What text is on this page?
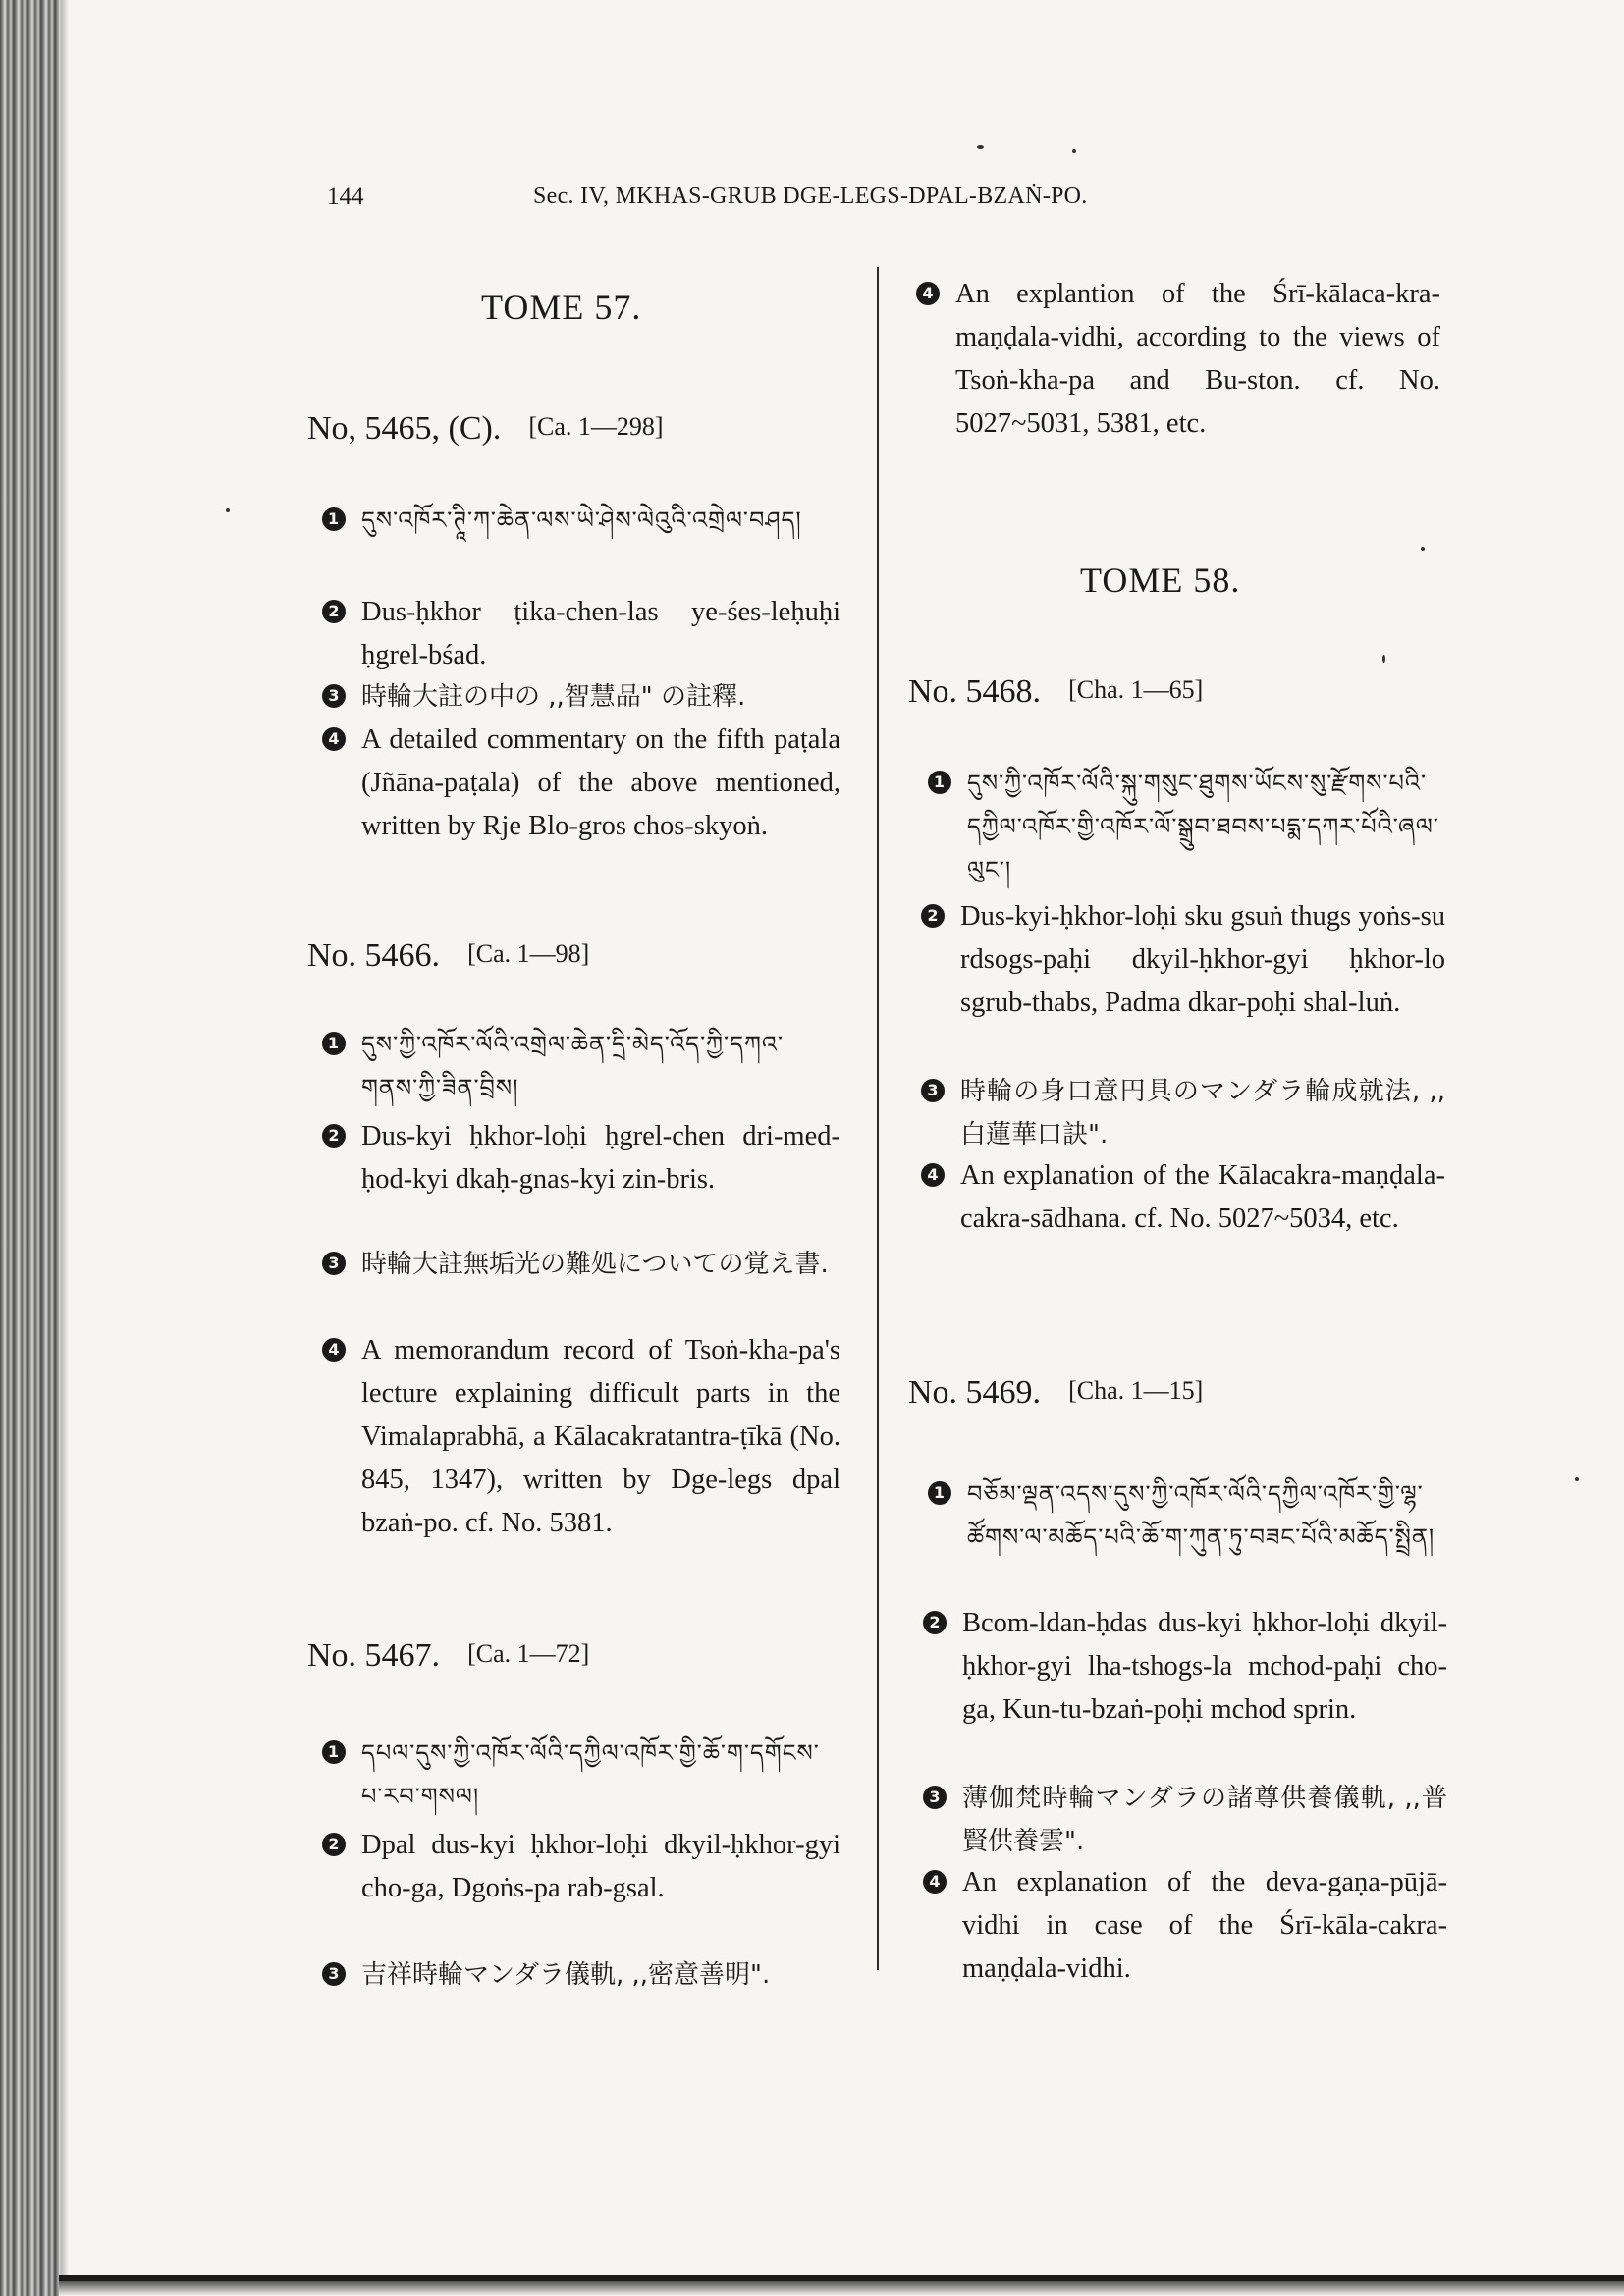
144	Sec. IV, MKHAS-GRUB DGE-LEGS-DPAL-BZAṄ-PO.
TOME 57.
No, 5465, (C). [Ca. 1—298]
1 དུས་འཁོར་ཊཱི་ཀ་ཆེན་ལས་ཡེ་ཤེས་ལེའུའི་འགྲེལ་བཤད།
2 Dus-ḥkhor ṭika-chen-las ye-śes-leḥuḥi ḥgrel-bśad.
3 時輪大註の中の ,,智慧品" の註釋.
4 A detailed commentary on the fifth paṭala (Jñāna-paṭala) of the above mentioned, written by Rje Blo-gros chos-skyoṅ.
No. 5466. [Ca. 1—98]
1 དུས་ཀྱི་འཁོར་ལོའི་འགྲེལ་ཆེན་དྲི་མེད་འོད་ཀྱི་དཀའ་གནས་ཀྱི་ཟིན་བྲིས།
2 Dus-kyi ḥkhor-loḥi ḥgrel-chen dri-med-ḥod-kyi dkaḥ-gnas-kyi zin-bris.
3 時輪大註無垢光の難処についての覚え書.
4 A memorandum record of Tsoṅ-kha-pa's lecture explaining difficult parts in the Vimalaprabhā, a Kālacakratantra-ṭīkā (No. 845, 1347), written by Dge-legs dpal bzaṅ-po. cf. No. 5381.
No. 5467. [Ca. 1—72]
1 དཔལ་དུས་ཀྱི་འཁོར་ལོའི་དཀྱིལ་འཁོར་གྱི་ཆོ་ག་དགོངས་པ་རབ་གསལ།
2 Dpal dus-kyi ḥkhor-loḥi dkyil-ḥkhor-gyi cho-ga, Dgoṅs-pa rab-gsal.
3 吉祥時輪マンダラ儀軌, ,,密意善明".
4 An explantion of the Śrī-kālaca-kra-maṇḍala-vidhi, according to the views of Tsoṅ-kha-pa and Bu-ston. cf. No. 5027~5031, 5381, etc.
TOME 58.
No. 5468. [Cha. 1—65]
1 དུས་ཀྱི་འཁོར་ལོའི་སྐུ་གསུང་ཐུགས་ཡོངས་སུ་རྫོགས་པའི་དཀྱིལ་འཁོར་གྱི་འཁོར་ལོ་སྒྲུབ་ཐབས་པདྨ་དཀར་པོའི་ཞལ་ལུང་།
2 Dus-kyi-ḥkhor-loḥi sku gsuṅ thugs yoṅs-su rdsogs-paḥi dkyil-ḥkhor-gyi ḥkhor-lo sgrub-thabs, Padma dkar-poḥi shal-luṅ.
3 時輪の身口意円具のマンダラ輪成就法, ,,白蓮華口訣".
4 An explanation of the Kālacakra-maṇḍala-cakra-sādhana. cf. No. 5027~5034, etc.
No. 5469. [Cha. 1—15]
1 བཅོམ་ལྡན་འདས་དུས་ཀྱི་འཁོར་ལོའི་དཀྱིལ་འཁོར་གྱི་ལྷ་ཚོགས་ལ་མཆོད་པའི་ཆོ་ག་ཀུན་ཏུ་བཟང་པོའི་མཆོད་སྤྲིན།
2 Bcom-ldan-ḥdas dus-kyi ḥkhor-loḥi dkyil-ḥkhor-gyi lha-tshogs-la mchod-paḥi cho-ga, Kun-tu-bzaṅ-poḥi mchod sprin.
3 薄伽梵時輪マンダラの諸尊供養儀軌, ,,普賢供養雲".
4 An explanation of the deva-gaṇa-pūjā-vidhi in case of the Śrī-kāla-cakra-maṇḍala-vidhi.
